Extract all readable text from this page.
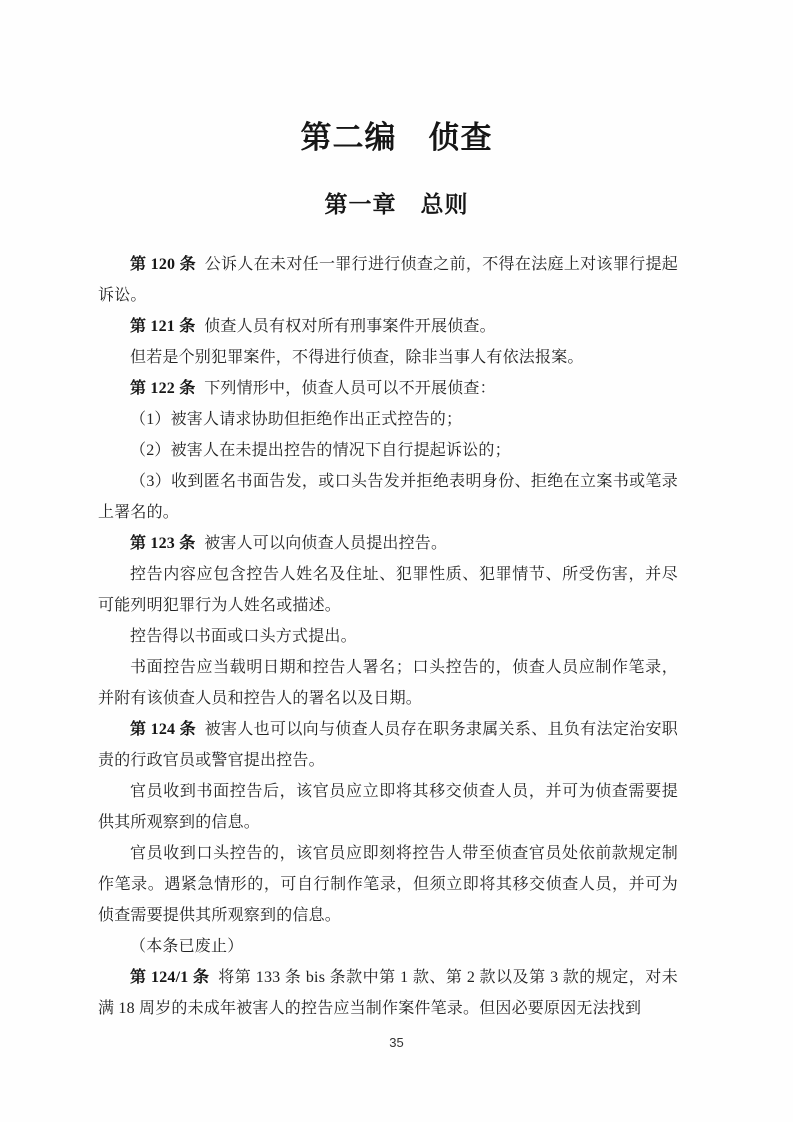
第二编　侦查
第一章　总则

第 120 条 公诉人在未对任一罪行进行侦查之前，不得在法庭上对该罪行提起诉讼。

第 121 条 侦查人员有权对所有刑事案件开展侦查。

但若是个别犯罪案件，不得进行侦查，除非当事人有依法报案。

第 122 条 下列情形中，侦查人员可以不开展侦查：

（1）被害人请求协助但拒绝作出正式控告的；

（2）被害人在未提出控告的情况下自行提起诉讼的；

（3）收到匿名书面告发，或口头告发并拒绝表明身份、拒绝在立案书或笔录上署名的。

第 123 条 被害人可以向侦查人员提出控告。

控告内容应包含控告人姓名及住址、犯罪性质、犯罪情节、所受伤害，并尽可能列明犯罪行为人姓名或描述。

控告得以书面或口头方式提出。

书面控告应当载明日期和控告人署名；口头控告的，侦查人员应制作笔录，并附有该侦查人员和控告人的署名以及日期。

第 124 条 被害人也可以向与侦查人员存在职务隶属关系、且负有法定治安职责的行政官员或警官提出控告。

官员收到书面控告后，该官员应立即将其移交侦查人员，并可为侦查需要提供其所观察到的信息。

官员收到口头控告的，该官员应即刻将控告人带至侦查官员处依前款规定制作笔录。遇紧急情形的，可自行制作笔录，但须立即将其移交侦查人员，并可为侦查需要提供其所观察到的信息。

（本条已废止）

第 124/1 条 将第 133 条 bis 条款中第 1 款、第 2 款以及第 3 款的规定，对未满 18 周岁的未成年被害人的控告应当制作案件笔录。但因必要原因无法找到

35
